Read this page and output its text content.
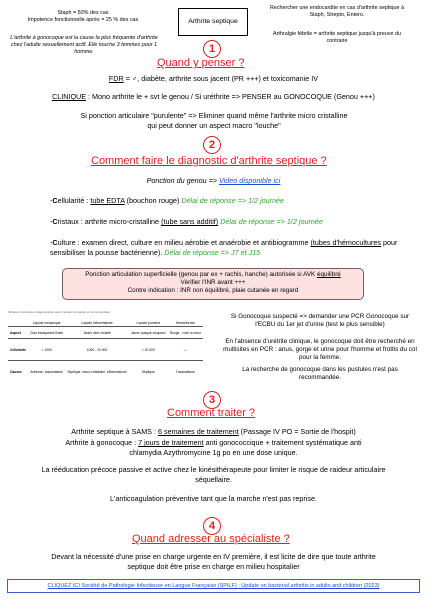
Staph = 50% des cas
Impotence fonctionnelle après = 25 % des cas
L'arthrite à gonocoque est la cause la plus fréquente d'arthrite chez l'adulte sexuellement actif. Elle touche 3 femmes pour 1 homme.
Arthrite septique
Rechercher une endocardite en cas d'arthrite septique à Staph, Strepto, Entero.
Arthralgie fébrile = arthrite septique jusqu'à preuve du contraire
1
Quand y penser ?
FDR = ♂, diabète, arthrite sous jacent (PR +++) et toxicomanie IV
CLINIQUE : Mono arthrite le + svt le genou / Si uréthrite => PENSER au GONOCOQUE (Genou +++)
Si ponction articulaire "purulente" => Eliminer quand même l'arthrite micro cristalline qui peut donner un aspect macro "louche"
2
Comment faire le diagnostic d'arthrite septique ?
Ponction du genou => Video disponible ici
-Cellularité : tube EDTA (bouchon rouge) Délai de réponse => 1/2 journée
-Cristaux : arthrite micro-cristalline (tube sans additif) Délai de réponse => 1/2 journée
-Culture : examen direct, culture en milieu aérobie et anaérobie et antibiogramme (tubes d'hémocultures pour sensibiliser la pousse bactérienne). Délai de réponse => J7 et J15
Ponction articulation superficielle (genou par ex + rachis, hanche) autorisée si AVK équilibré
Vérifier l'INR avant +++
Contre indication : INR non équilibré, plaie cutanée en regard
Tableau d'orientation diagnostique selon l'aspect du liquide et sa composition
	Liquide mécanique	Liquide inflammatoire	Liquide purulent	Hémarthrose
Aspect	Clair transparent fluide	Jaune citrin trouble	Jaune opaque visqueux	Rouge - rosé ou brun
Cellularité	< 1000	1000 - 20 000	> 20 000	—
Causes	Arthrose, traumatisme	Septique, micro-cristalline, inflammatoire	Septique	Traumatisme
Si Gonocoque suspecté => demander une PCR Gonocoque sur l'ECBU du 1er jet d'urine (test le plus sensible)
En l'absence d'urétrite clinique, le gonocoque doit être recherché en multisites en PCR : anus, gorge et urine pour l'homme et frottis du col pour la femme.
La recherche de gonocoque dans les pustules n'est pas recommandée.
3
Comment traiter ?
Arthrite septique à SAMS : 6 semaines de traitement (Passage IV PO = Sortie de l'hospit)
Arthrite à gonocoque : 7 jours de traitement anti gonococcique + traitement systématique anti chlamydia Azythromycine 1g po en une dose unique.
La rééducation précoce passive et active chez le kinésithérapeute pour limiter le risque de raideur articulaire séquellaire.
L'anticoagulation préventive tant que la marche n'est pas reprise.
4
Quand adresser au spécialiste ?
Devant la nécessité d'une prise en charge urgente en IV première, il est licite de dire que toute arthrite septique doit être prise en charge en milieu hospitalier
CLIQUEZ ICI Société de Pathologie Infectieuse en Langue Française (SPILF) : Update on bacterial arthritis in adults and children (2023)
